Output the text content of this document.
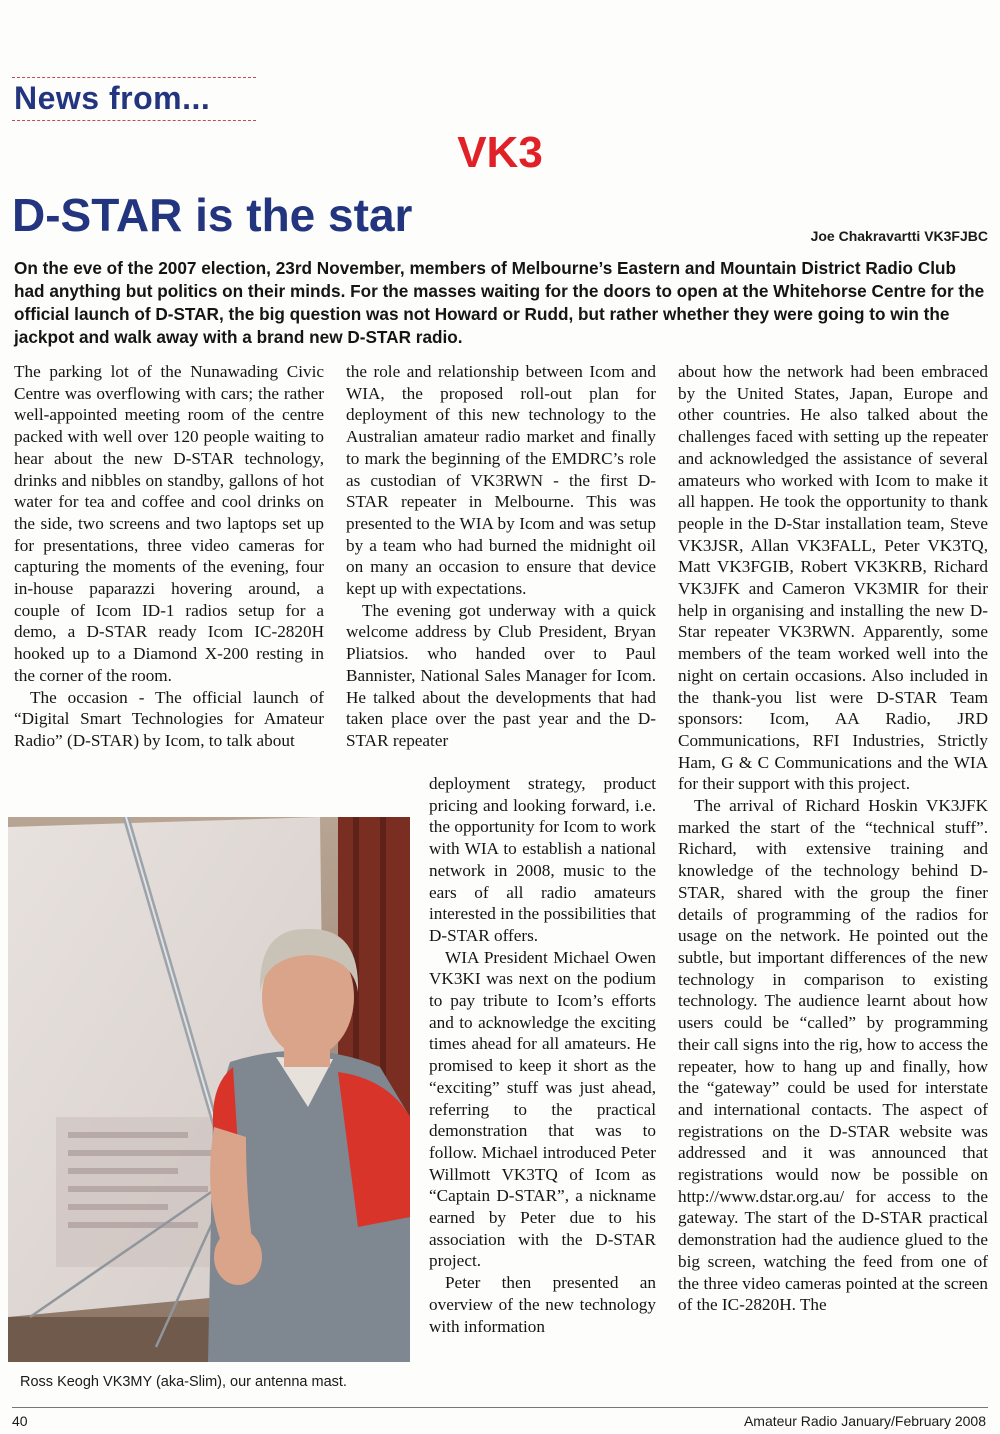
News from...
VK3
D-STAR is the star	Joe Chakravartti VK3FJBC
On the eve of the 2007 election, 23rd November, members of Melbourne’s Eastern and Mountain District Radio Club had anything but politics on their minds. For the masses waiting for the doors to open at the Whitehorse Centre for the official launch of D-STAR, the big question was not Howard or Rudd, but rather whether they were going to win the jackpot and walk away with a brand new D-STAR radio.

The parking lot of the Nunawading Civic Centre was overflowing with cars; the rather well-appointed meeting room of the centre packed with well over 120 people waiting to hear about the new D-STAR technology, drinks and nibbles on standby, gallons of hot water for tea and coffee and cool drinks on the side, two screens and two laptops set up for presentations, three video cameras for capturing the moments of the evening, four in-house paparazzi hovering around, a couple of Icom ID-1 radios setup for a demo, a D-STAR ready Icom IC-2820H hooked up to a Diamond X-200 resting in the corner of the room.

The occasion - The official launch of “Digital Smart Technologies for Amateur Radio” (D-STAR) by Icom, to talk about

the role and relationship between Icom and WIA, the proposed roll-out plan for deployment of this new technology to the Australian amateur radio market and finally to mark the beginning of the EMDRC’s role as custodian of VK3RWN - the first D-STAR repeater in Melbourne. This was presented to the WIA by Icom and was setup by a team who had burned the midnight oil on many an occasion to ensure that device kept up with expectations.

The evening got underway with a quick welcome address by Club President, Bryan Pliatsios. who handed over to Paul Bannister, National Sales Manager for Icom. He talked about the developments that had taken place over the past year and the D-STAR repeater

deployment strategy, product pricing and looking forward, i.e. the opportunity for Icom to work with WIA to establish a national network in 2008, music to the ears of all radio amateurs interested in the possibilities that D-STAR offers.

WIA President Michael Owen VK3KI was next on the podium to pay tribute to Icom’s efforts and to acknowledge the exciting times ahead for all amateurs. He promised to keep it short as the “exciting” stuff was just ahead, referring to the practical demonstration that was to follow. Michael introduced Peter Willmott VK3TQ of Icom as “Captain D-STAR”, a nickname earned by Peter due to his association with the D-STAR project.

Peter then presented an overview of the new technology with information

about how the network had been embraced by the United States, Japan, Europe and other countries. He also talked about the challenges faced with setting up the repeater and acknowledged the assistance of several amateurs who worked with Icom to make it all happen. He took the opportunity to thank people in the D-Star installation team, Steve VK3JSR, Allan VK3FALL, Peter VK3TQ, Matt VK3FGIB, Robert VK3KRB, Richard VK3JFK and Cameron VK3MIR for their help in organising and installing the new D-Star repeater VK3RWN. Apparently, some members of the team worked well into the night on certain occasions. Also included in the thank-you list were D-STAR Team sponsors: Icom, AA Radio, JRD Communications, RFI Industries, Strictly Ham, G & C Communications and the WIA for their support with this project.

The arrival of Richard Hoskin VK3JFK marked the start of the “technical stuff”. Richard, with extensive training and knowledge of the technology behind D-STAR, shared with the group the finer details of programming of the radios for usage on the network. He pointed out the subtle, but important differences of the new technology in comparison to existing technology. The audience learnt about how users could be “called” by programming their call signs into the rig, how to access the repeater, how to hang up and finally, how the “gateway” could be used for interstate and international contacts. The aspect of registrations on the D-STAR website was addressed and it was announced that registrations would now be possible on http://www.dstar.org.au/ for access to the gateway. The start of the D-STAR practical demonstration had the audience glued to the big screen, watching the feed from one of the three video cameras pointed at the screen of the IC-2820H. The

Ross Keogh VK3MY (aka-Slim), our antenna mast.
40	Amateur Radio January/February 2008
